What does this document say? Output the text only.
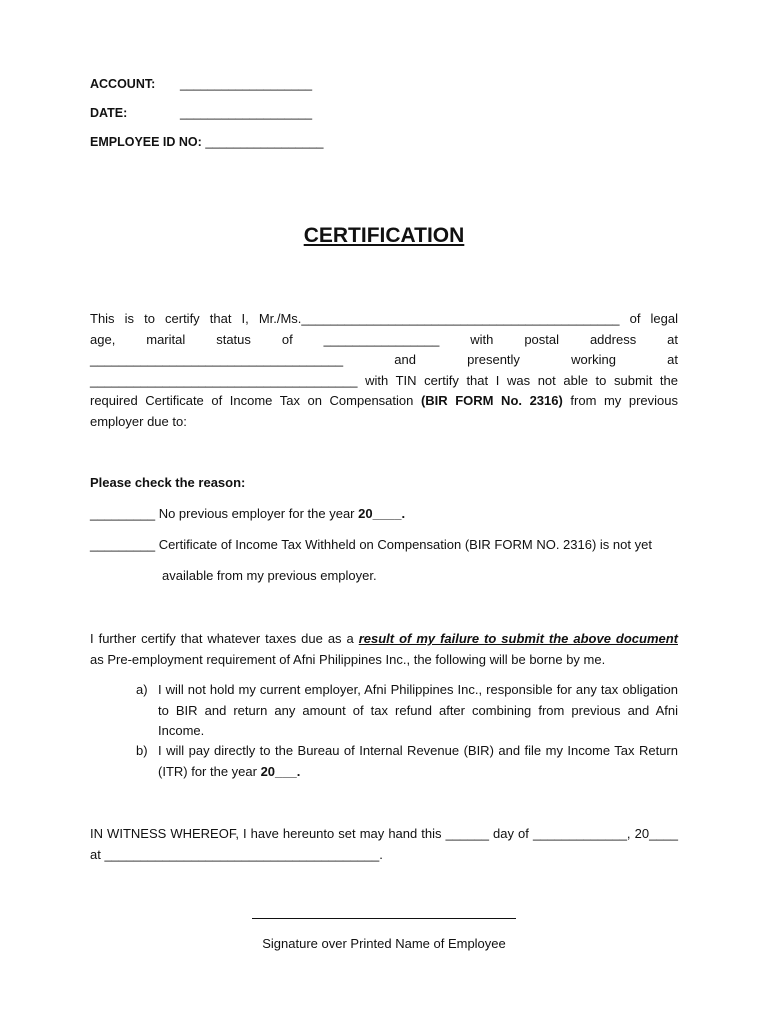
ACCOUNT: ___________________
DATE:	___________________
EMPLOYEE ID NO: _________________
CERTIFICATION
This is to certify that I, Mr./Ms.____________________________________________ of legal
age, marital status of ________________ with postal address at
___________________________________ and presently working at
_____________________________________ with TIN certify that I was not able to submit the
required Certificate of Income Tax on Compensation (BIR FORM No. 2316) from my previous
employer due to:
Please check the reason:
_________ No previous employer for the year 20____.
_________ Certificate of Income Tax Withheld on Compensation (BIR FORM NO. 2316) is not yet
available from my previous employer.
I further certify that whatever taxes due as a result of my failure to submit the above document
as Pre-employment requirement of Afni Philippines Inc., the following will be borne by me.
a) I will not hold my current employer, Afni Philippines Inc., responsible for any tax obligation to BIR and return any amount of tax refund after combining from previous and Afni Income.
b) I will pay directly to the Bureau of Internal Revenue (BIR) and file my Income Tax Return (ITR) for the year 20___.
IN WITNESS WHEREOF, I have hereunto set may hand this ______ day of _____________, 20____
at ______________________________________.
Signature over Printed Name of Employee
